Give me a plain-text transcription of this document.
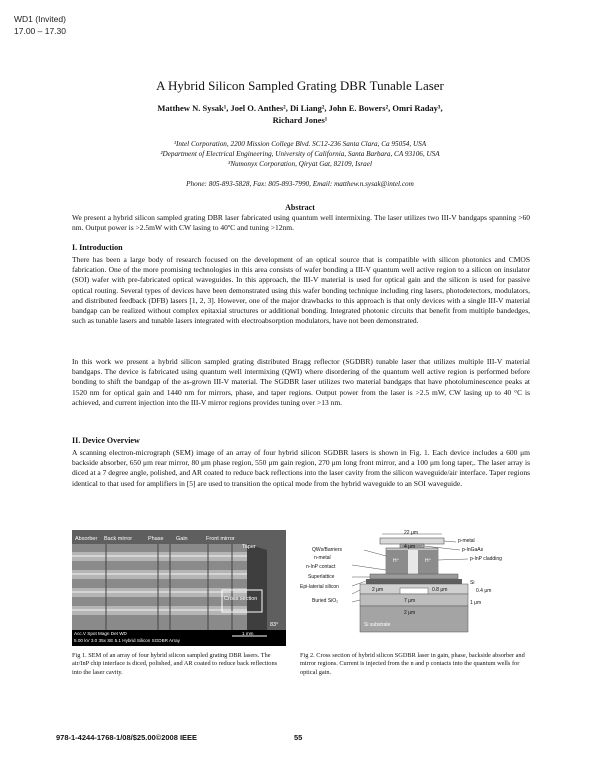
WD1 (Invited)
17.00 – 17.30
A Hybrid Silicon Sampled Grating DBR Tunable Laser
Matthew N. Sysak¹, Joel O. Anthes², Di Liang², John E. Bowers², Omri Raday³,
Richard Jones¹
¹Intel Corporation, 2200 Mission College Blvd. SC12-236 Santa Clara, Ca 95054, USA
²Department of Electrical Engineering, University of California, Santa Barbara, CA 93106, USA
³Numonyx Corporation, Qiryat Gat, 82109, Israel
Phone: 805-893-5828, Fax: 805-893-7990, Email: matthew.n.sysak@intel.com
Abstract
We present a hybrid silicon sampled grating DBR laser fabricated using quantum well intermixing. The laser utilizes two III-V bandgaps spanning >60 nm. Output power is >2.5mW with CW lasing to 40ºC and tuning >12nm.
I. Introduction
There has been a large body of research focused on the development of an optical source that is compatible with silicon photonics and CMOS fabrication. One of the more promising technologies in this area consists of wafer bonding a III-V quantum well active region to a silicon on insulator (SOI) wafer with pre-fabricated optical waveguides. In this approach, the III-V material is used for optical gain and the silicon is used for passive optical routing. Several types of devices have been demonstrated using this wafer bonding technique including ring lasers, photodetectors, modulators, and distributed feedback (DFB) lasers [1, 2, 3]. However, one of the major drawbacks to this approach is that only devices with a single III-V material bandgap can be realized without complex epitaxial structures or additional bonding. Integrated photonic circuits that benefit from multiple bandedges, such as tunable lasers and tunable lasers integrated with electroabsorption modulators, have not been demonstrated.
In this work we present a hybrid silicon sampled grating distributed Bragg reflector (SGDBR) tunable laser that utilizes multiple III-V material bandgaps. The device is fabricated using quantum well intermixing (QWI) where disordering of the quantum well active region is performed before bonding to shift the bandgap of the as-grown III-V material. The SGDBR laser utilizes two material bandgaps that have photoluminescence peaks at 1520 nm for optical gain and 1440 nm for mirrors, phase, and taper regions. Output power from the laser is >2.5 mW, CW lasing up to 40 °C is achieved, and current injection into the III-V mirror regions provides tuning over >13 nm.
II. Device Overview
A scanning electron-micrograph (SEM) image of an array of four hybrid silicon SGDBR lasers is shown in Fig. 1. Each device includes a 600 μm backside absorber, 650 μm rear mirror, 80 μm phase region, 550 μm gain region, 270 μm long front mirror, and a 100 μm long taper,. The laser array is diced at a 7 degree angle, polished, and AR coated to reduce back reflections into the laser cavity from the silicon waveguide/air interface. Taper regions identical to that used for amplifiers in [5] are used to transition the optical mode from the hybrid waveguide to an SOI waveguide.
Absorber Back mirror	Phase Gain	Front mirror
Taper
Cross section
83°
Acc.V Spot Magn Det WD
5.00 kV 3.0 35x SE 5.1 Hybrid Silicon SGDBR Array
1 mm
22 μm
4 μm
p-metal
p-InGaAs
p-InP cladding
H⁺	H⁺
QWs/Barriers
n-metal
n-InP contact
Superlattice
Epi-laterial silicon
Buried SiO₂
Si substrate
2 μm
2 μm
0.8 μm
Si
0.4 μm
7 μm	1 μm
Fig 1. SEM of an array of four hybrid silicon sampled grating DBR lasers. The air/InP chip interface is diced, polished, and AR coated to reduce back reflections into the laser cavity.
Fig 2. Cross section of hybrid silicon SGDBR laser in gain, phase, backside absorber and mirror regions. Current is injected from the n and p contacts into the quantum wells for optical gain.
978-1-4244-1768-1/08/$25.00©2008 IEEE	55
